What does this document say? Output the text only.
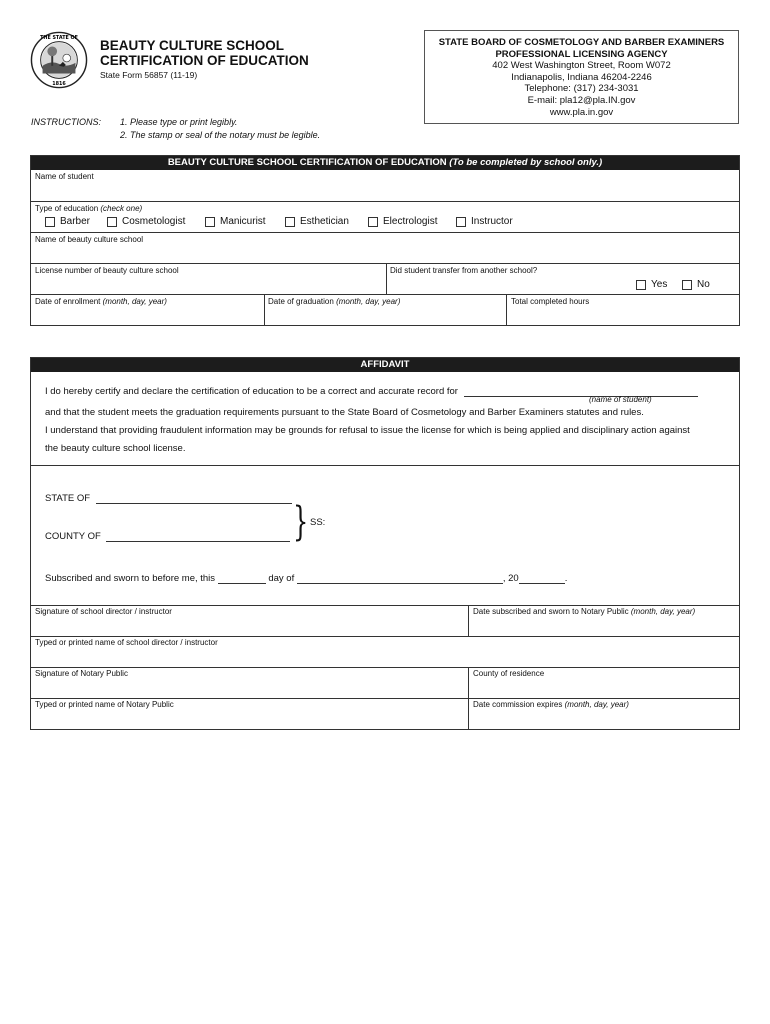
THE STATE OF
1816
BEAUTY CULTURE SCHOOL
CERTIFICATION OF EDUCATION
State Form 56857 (11-19)
STATE BOARD OF COSMETOLOGY AND BARBER EXAMINERS
PROFESSIONAL LICENSING AGENCY
402 West Washington Street, Room W072
Indianapolis, Indiana 46204-2246
Telephone: (317) 234-3031
E-mail: pla12@pla.IN.gov
www.pla.in.gov
INSTRUCTIONS: 1. Please type or print legibly.
2. The stamp or seal of the notary must be legible.
BEAUTY CULTURE SCHOOL CERTIFICATION OF EDUCATION (To be completed by school only.)
Name of student
Type of education (check one)
Barber	Cosmetologist	Manicurist	Esthetician	Electrologist	Instructor
Name of beauty culture school
License number of beauty culture school	Did student transfer from another school?
Yes	No
Date of enrollment (month, day, year)	Date of graduation (month, day, year)	Total completed hours
AFFIDAVIT
I do hereby certify and declare the certification of education to be a correct and accurate record for
(name of student)
and that the student meets the graduation requirements pursuant to the State Board of Cosmetology and Barber Examiners statutes and rules.
I understand that providing fraudulent information may be grounds for refusal to issue the license for which is being applied and disciplinary action against
the beauty culture school license.
STATE OF
} SS:
COUNTY OF
Subscribed and sworn to before me, this	day of	, 20	.
Signature of school director / instructor	Date subscribed and sworn to Notary Public (month, day, year)
Typed or printed name of school director / instructor
Signature of Notary Public	County of residence
Typed or printed name of Notary Public	Date commission expires (month, day, year)
